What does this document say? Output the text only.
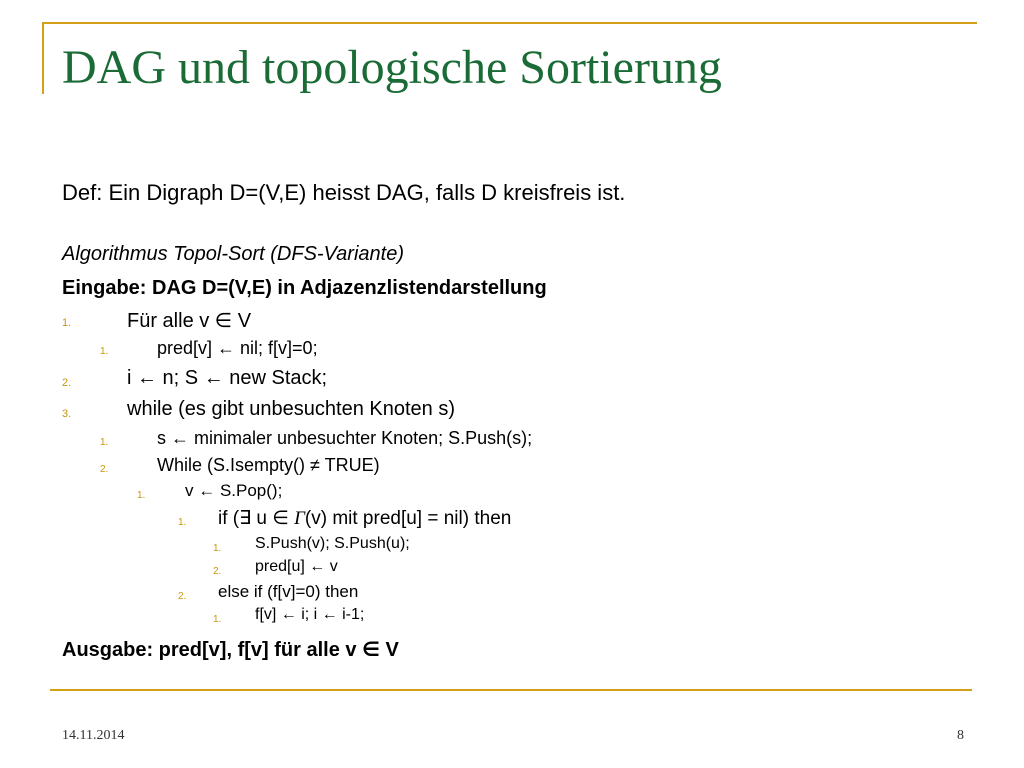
DAG und topologische Sortierung
Def: Ein Digraph D=(V,E) heisst DAG, falls D kreisfreis ist.
Algorithmus Topol-Sort (DFS-Variante)
Eingabe: DAG D=(V,E) in Adjazenzlistendarstellung
1.	Für alle v ∈ V
1.	pred[v] ← nil; f[v]=0;
2.	i ← n; S ← new Stack;
3.	while (es gibt unbesuchten Knoten s)
1.	s ← minimaler unbesuchter Knoten; S.Push(s);
2.	While (S.Isempty() ≠ TRUE)
1. v ← S.Pop();
1. if (∃ u ∈ Γ(v) mit pred[u] = nil) then
1. S.Push(v); S.Push(u);
2. pred[u] ← v
2. else if (f[v]=0) then
1. f[v] ← i; i ← i-1;
Ausgabe: pred[v], f[v] für alle v ∈ V
14.11.2014	8
